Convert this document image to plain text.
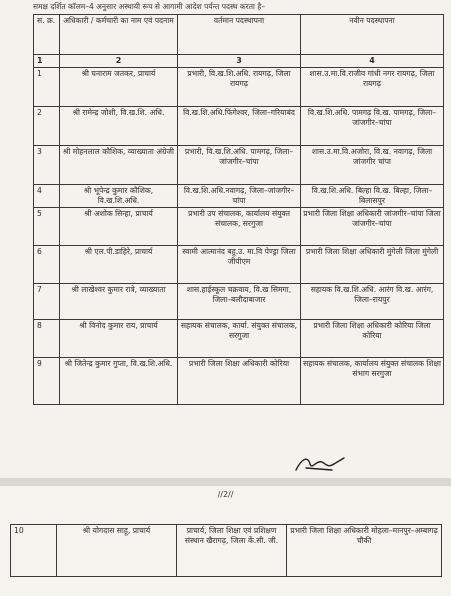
समक्ष दर्शित कॉलम–4 अनुसार अस्थायी रूप से आगामी आदेश पर्यन्त पदस्थ करता है–
स. क्र.	अधिकारी / कर्मचारी का नाम एवं पदनाम	वर्तमान पदस्थापना	नवीन पदस्थापना
1	2	3	4
1	श्री घनाराम जतकर, प्राचार्य	प्रभारी, वि.ख.शि.अधि. रायगढ़, जिला रायगढ़	शास.उ.मा.वि.राजीव गांधी नगर रायगढ़, जिला रायगढ़
2	श्री रामेन्द्र जोशी, वि.ख.शि. अधि.	वि.ख.शि.अधि.फिंगेश्वर, जिला–गरियाबंद	वि.ख.शि.अधि. पामगढ़ वि.ख. पामगढ़, जिला–जांजगीर–चांपा
3	श्री मोहनलाल कौशिक, व्याख्याता अंग्रेजी	प्रभारी, वि.ख.शि.अधि. पामगढ़, जिला–जांजगीर–चांपा	शास.उ.मा.वि.अजोरा, वि.ख. नवागढ़, जिला जांजगीर चांपा
4	श्री भूपेन्द्र कुमार कौशिक, वि.ख.शि.अधि.	वि.ख.शि.अधि.नवागढ़, जिला–जांजगीर–चांपा	वि.ख.शि.अधि. बिल्हा वि.ख. बिल्हा, जिला–बिलासपुर
5	श्री अशोक सिन्हा, प्राचार्य	प्रभारी उप संचालक, कार्यालय संयुक्त संचालक, सरगुजा	प्रभारी जिला शिक्षा अधिकारी जांजगीर–चांपा जिला जांजगीर–चांपा
6	श्री एल.पी.डाहिरे, प्राचार्य	स्वामी आत्मानंद बहु.उ. मा.वि पेण्ड्रा जिला जीपीएम	प्रभारी जिला शिक्षा अधिकारी मुंगेली जिला मुंगेली
7	श्री लाखेश्वर कुमार रात्रे, व्याख्याता	शास.हाईस्कूल चक्रवाय, वि.ख सिमगा, जिला–बलौदाबाजार	सहायक वि.ख.शि.अधि. आरंग वि.ख. आरंग, जिला–रायपुर
8	श्री विनोद कुमार राय, प्राचार्य	सहायक संचालक, कार्या. संयुक्त संचालक, सरगुजा	प्रभारी जिला शिक्षा अधिकारी कोरिया जिला कोरिया
9	श्री जितेन्द्र कुमार गुप्ता, वि.ख.शि.अधि.	प्रभारी जिला शिक्षा अधिकारी कोरिया	सहायक संचालक, कार्यालय संयुक्त संचालक शिक्षा संभाग सरगुजा
//2//
10	श्री योगदास साहू, प्राचार्य	प्राचार्य, जिला शिक्षा एवं प्रशिक्षण संस्थान खैरागढ़, जिला कें.सी. जी.	प्रभारी जिला शिक्षा अधिकारी मोहला–मानपुर–अम्बागढ़ चौकी
